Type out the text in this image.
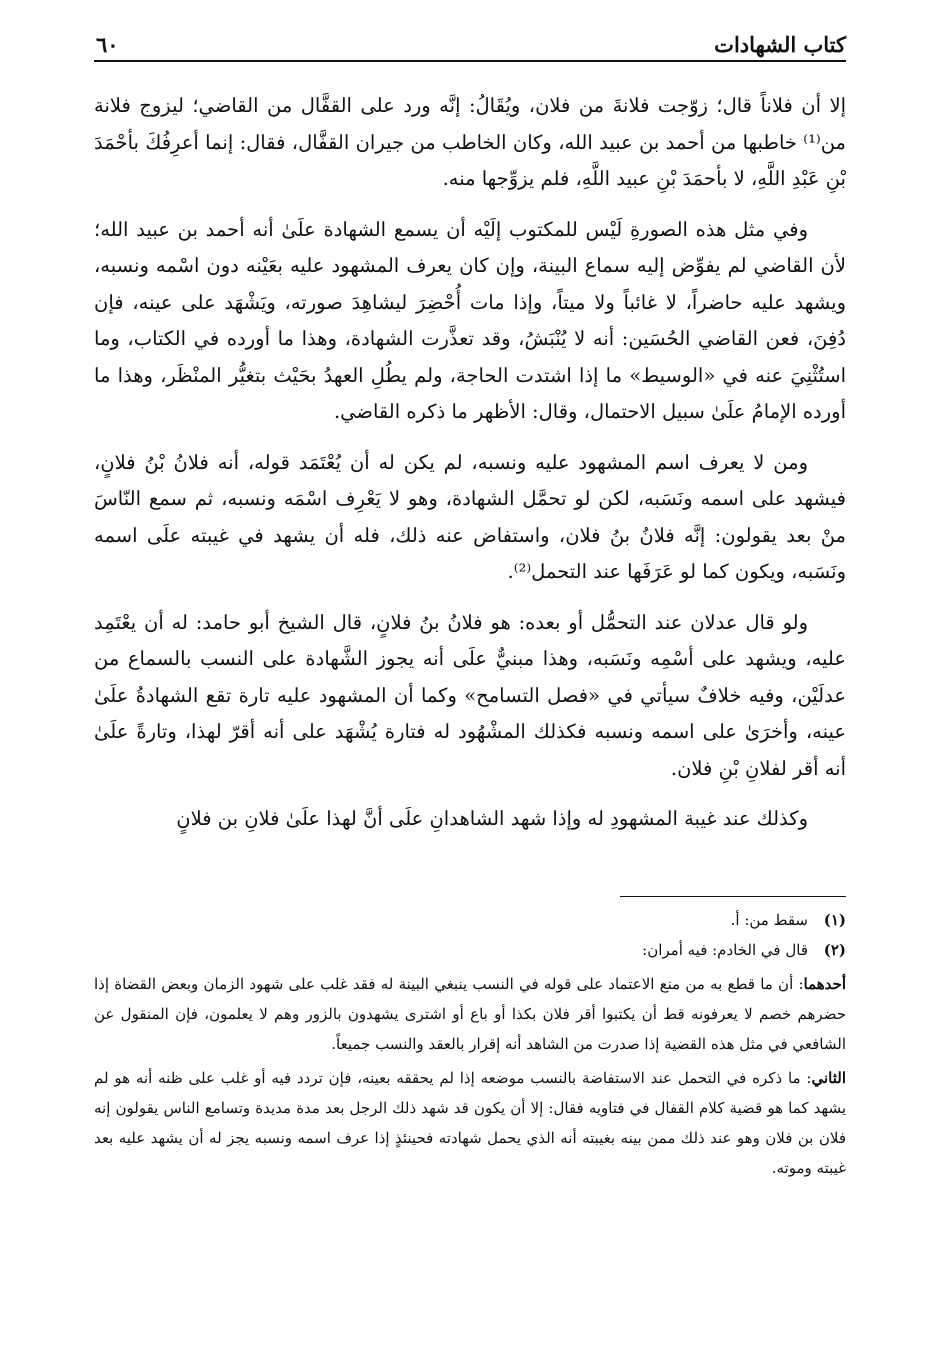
كتاب الشهادات
٦٠

إلا أن فلاناً قال؛ زوّجت فلانةَ من فلان، ويُقَالُ: إنَّه ورد على القفَّال من القاضي؛ ليزوج فلانة من⁽¹⁾ خاطبها من أحمد بن عبيد الله، وكان الخاطب من جيران القفَّال، فقال: إنما أعرِفُكَ بأحْمَدَ بْنِ عَبْدِ اللَّهِ، لا بأحمَدَ بْنِ عبيد اللَّهِ، فلم يزوِّجها منه.

وفي مثل هذه الصورةِ لَيْس للمكتوب إلَيْه أن يسمع الشهادة علَىٰ أنه أحمد بن عبيد الله؛ لأن القاضي لم يفوِّض إليه سماع البينة، وإن كان يعرف المشهود عليه بعَيْنه دون اسْمه ونسبه، ويشهد عليه حاضراً، لا غائباً ولا ميتاً، وإذا مات أُحْضِرَ ليشاهِدَ صورته، ويَشْهَد على عينه، فإن دُفِنَ، فعن القاضي الحُسَين: أنه لا يُنْبَشُ، وقد تعذَّرت الشهادة، وهذا ما أورده في الكتاب، وما استُثْنِيَ عنه في «الوسيط» ما إذا اشتدت الحاجة، ولم يطُلِ العهدُ بحَيْث بتغيُّر المنْظَر، وهذا ما أورده الإمامُ علَىٰ سبيل الاحتمال، وقال: الأظهر ما ذكره القاضي.

ومن لا يعرف اسم المشهود عليه ونسبه، لم يكن له أن يُعْتَمَد قوله، أنه فلانُ بْنُ فلانٍ، فيشهد على اسمه ونَسَبه، لكن لو تحمَّل الشهادة، وهو لا يَعْرِف اسْمَه ونسبه، ثم سمع النّاسَ منْ بعد يقولون: إنَّه فلانُ بنُ فلان، واستفاض عنه ذلك، فله أن يشهد في غيبته علَى اسمه ونَسَبه، ويكون كما لو عَرَفَها عند التحمل⁽²⁾.

ولو قال عدلان عند التحمُّل أو بعده: هو فلانُ بنُ فلانٍ، قال الشيخ أبو حامد: له أن يعْتَمِد عليه، ويشهد على أسْمِه ونَسَبه، وهذا مبنيٌّ علَى أنه يجوز الشَّهادة على النسب بالسماع من عدلَيْن، وفيه خلافٌ سيأتي في «فصل التسامح» وكما أن المشهود عليه تارة تقع الشهادةُ علَىٰ عينه، وأخرَىٰ على اسمه ونسبه فكذلك المشْهُود له فتارة يُشْهَد على أنه أقرّ لهذا، وتارةً علَىٰ أنه أقر لفلانِ بْنِ فلان.

وكذلك عند غيبة المشهودِ له وإذا شهد الشاهدانِ علَى أنَّ لهذا علَىٰ فلانِ بن فلانٍ

(١)
سقط من: أ.
(٢)
قال في الخادم: فيه أمران:

أحدهما: أن ما قطع به من منع الاعتماد على قوله في النسب ينبغي البينة له فقد غلب على شهود الزمان وبعض القضاة إذا حضرهم خصم لا يعرفونه قط أن يكتبوا أقر فلان بكذا أو باع أو اشترى يشهدون بالزور وهم لا يعلمون، فإن المنقول عن الشافعي في مثل هذه القضية إذا صدرت من الشاهد أنه إقرار بالعقد والنسب جميعاً.

الثاني: ما ذكره في التحمل عند الاستفاضة بالنسب موضعه إذا لم يحققه بعينه، فإن تردد فيه أو غلب على ظنه أنه هو لم يشهد كما هو قضية كلام القفال في فتاويه فقال: إلا أن يكون قد شهد ذلك الرجل بعد مدة مديدة وتسامع الناس يقولون إنه فلان بن فلان وهو عند ذلك ممن بينه بغيبته أنه الذي يحمل شهادته فحينئذٍ إذا عرف اسمه ونسبه يجز له أن يشهد عليه بعد غيبته وموته.
